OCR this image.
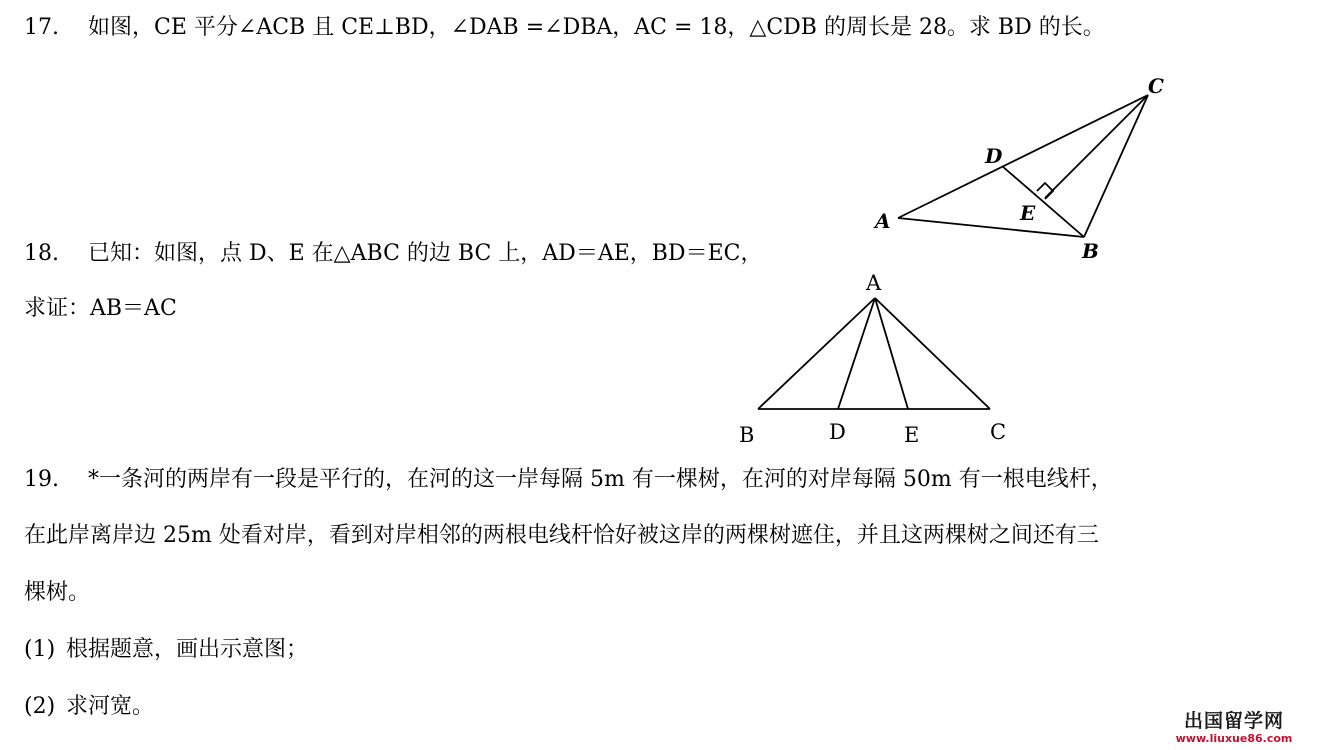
17. 如图，CE 平分∠ACB 且 CE⊥BD，∠DAB =∠DBA，AC = 18，△CDB 的周长是 28。求 BD 的长。
C
D
E
A
B
18. 已知：如图，点 D、E 在△ABC 的边 BC 上，AD＝AE，BD＝EC，
求证：AB＝AC
A
B	D	E	C
19. *一条河的两岸有一段是平行的，在河的这一岸每隔 5m 有一棵树，在河的对岸每隔 50m 有一根电线杆，
在此岸离岸边 25m 处看对岸，看到对岸相邻的两根电线杆恰好被这岸的两棵树遮住，并且这两棵树之间还有三
棵树。
(1) 根据题意，画出示意图；
(2) 求河宽。
出国留学网
www.liuxue86.com
